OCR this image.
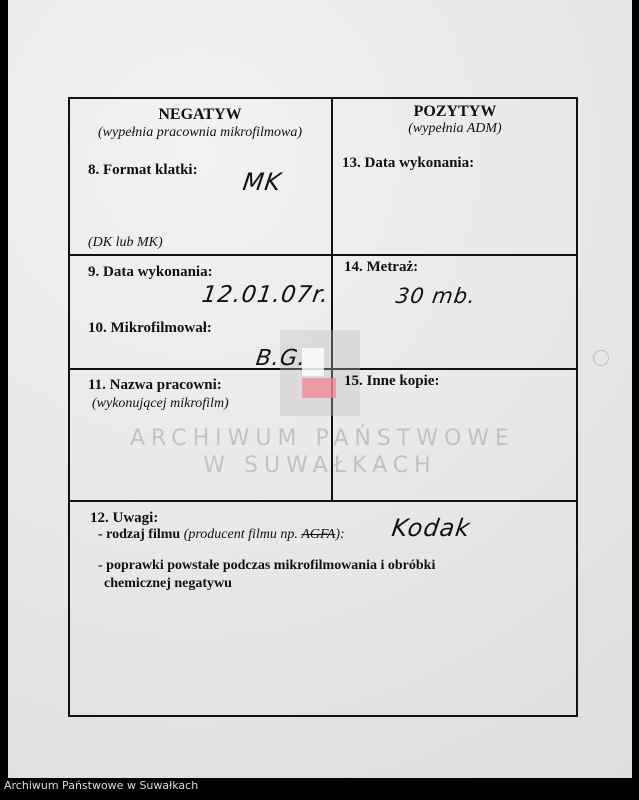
ARCHIWUM PAŃSTWOWE
W SUWAŁKACH
NEGATYW
(wypełnia pracownia mikrofilmowa)
8. Format klatki: MK
(DK lub MK)
9. Data wykonania:
12.01.07r.
10. Mikrofilmował:
B.G.
11. Nazwa pracowni:
(wykonującej mikrofilm)
POZYTYW
(wypełnia ADM)
13. Data wykonania:
14. Metraż:
30 mb.
15. Inne kopie:
12. Uwagi:
- rodzaj filmu (producent filmu np. AGFA): Kodak
- poprawki powstałe podczas mikrofilmowania i obróbki
chemicznej negatywu
Archiwum Państwowe w Suwałkach
